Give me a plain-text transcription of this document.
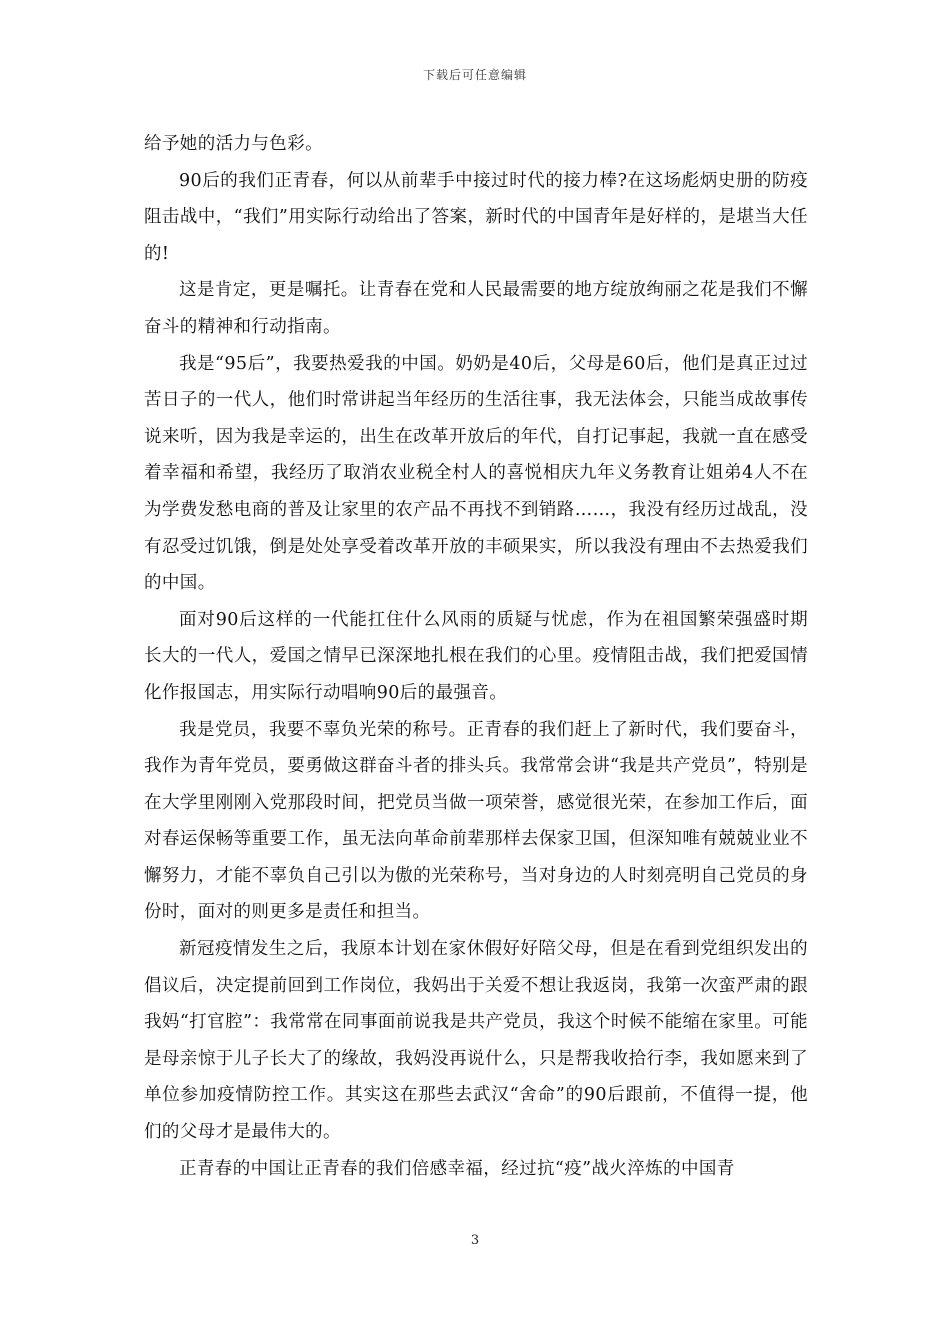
下载后可任意编辑

给予她的活力与色彩。

90后的我们正青春，何以从前辈手中接过时代的接力棒?在这场彪炳史册的防疫阻击战中，“我们”用实际行动给出了答案，新时代的中国青年是好样的，是堪当大任的!

这是肯定，更是嘱托。让青春在党和人民最需要的地方绽放绚丽之花是我们不懈奋斗的精神和行动指南。

我是“95后”，我要热爱我的中国。奶奶是40后，父母是60后，他们是真正过过苦日子的一代人，他们时常讲起当年经历的生活往事，我无法体会，只能当成故事传说来听，因为我是幸运的，出生在改革开放后的年代，自打记事起，我就一直在感受着幸福和希望，我经历了取消农业税全村人的喜悦相庆九年义务教育让姐弟4人不在为学费发愁电商的普及让家里的农产品不再找不到销路……，我没有经历过战乱，没有忍受过饥饿，倒是处处享受着改革开放的丰硕果实，所以我没有理由不去热爱我们的中国。

面对90后这样的一代能扛住什么风雨的质疑与忧虑，作为在祖国繁荣强盛时期长大的一代人，爱国之情早已深深地扎根在我们的心里。疫情阻击战，我们把爱国情化作报国志，用实际行动唱响90后的最强音。

我是党员，我要不辜负光荣的称号。正青春的我们赶上了新时代，我们要奋斗，我作为青年党员，要勇做这群奋斗者的排头兵。我常常会讲“我是共产党员”，特别是在大学里刚刚入党那段时间，把党员当做一项荣誉，感觉很光荣，在参加工作后，面对春运保畅等重要工作，虽无法向革命前辈那样去保家卫国，但深知唯有兢兢业业不懈努力，才能不辜负自己引以为傲的光荣称号，当对身边的人时刻亮明自己党员的身份时，面对的则更多是责任和担当。

新冠疫情发生之后，我原本计划在家休假好好陪父母，但是在看到党组织发出的倡议后，决定提前回到工作岗位，我妈出于关爱不想让我返岗，我第一次蛮严肃的跟我妈“打官腔”：我常常在同事面前说我是共产党员，我这个时候不能缩在家里。可能是母亲惊于儿子长大了的缘故，我妈没再说什么，只是帮我收拾行李，我如愿来到了单位参加疫情防控工作。其实这在那些去武汉“舍命”的90后跟前，不值得一提，他们的父母才是最伟大的。

正青春的中国让正青春的我们倍感幸福，经过抗“疫”战火淬炼的中国青

3
